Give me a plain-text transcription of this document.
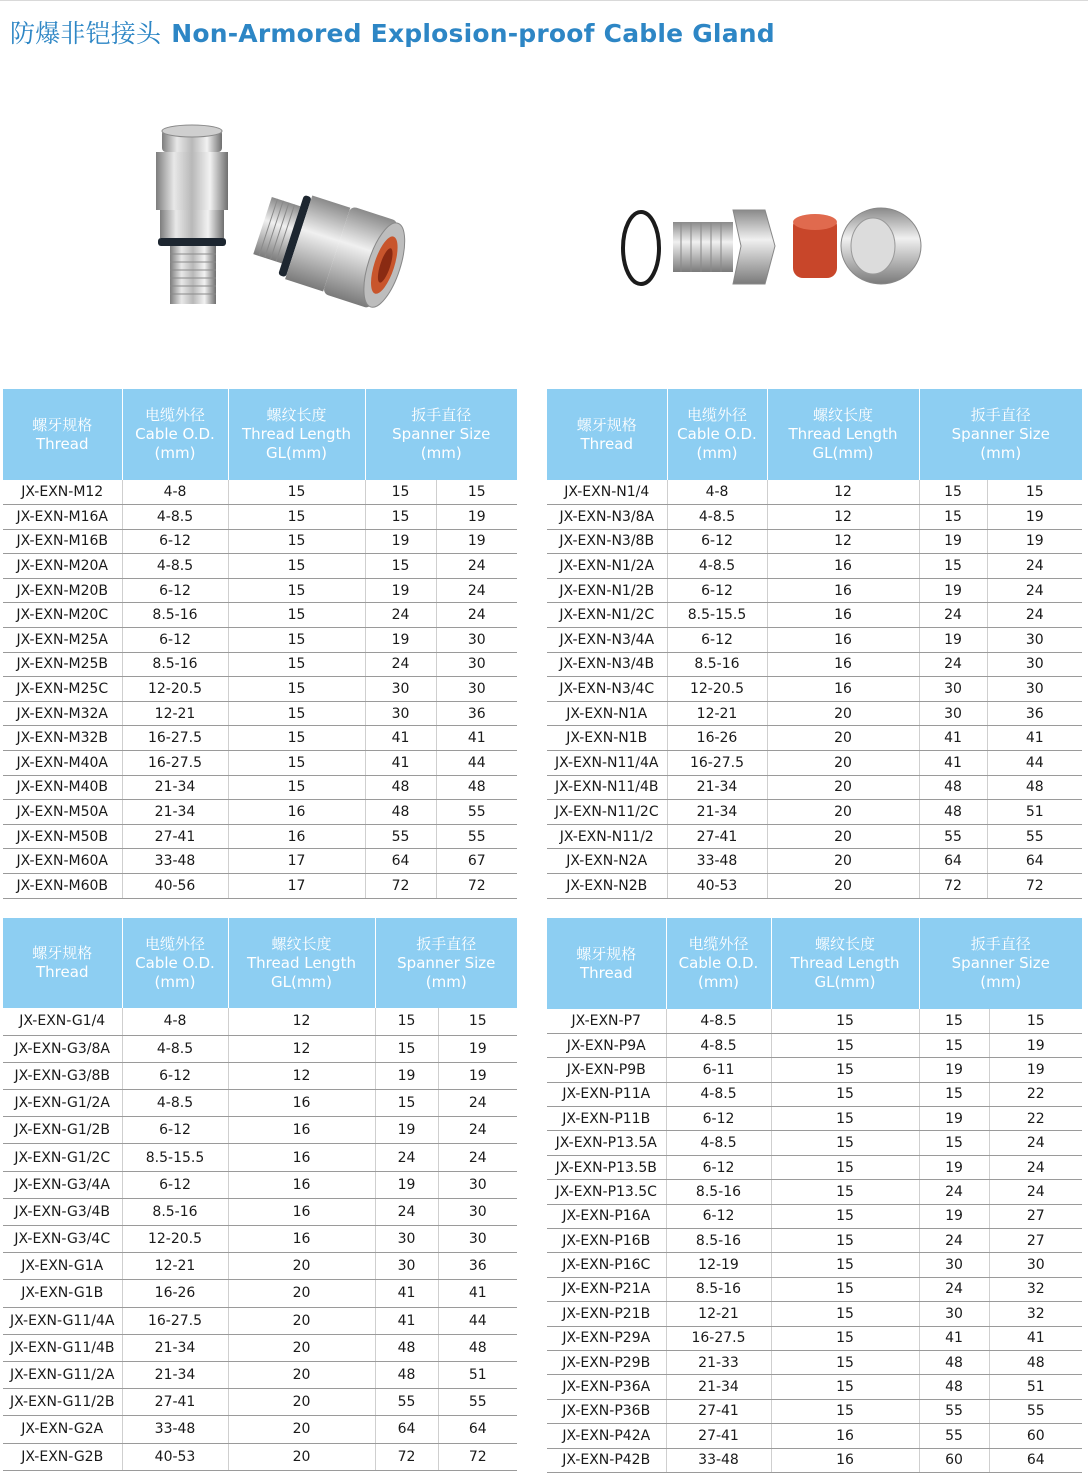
防爆非铠接头 Non-Armored Explosion-proof Cable Gland
螺牙规格
Thread	电缆外径
Cable O.D.
(mm)	螺纹长度
Thread Length
GL(mm)	扳手直径
Spanner Size
(mm)	

JX-EXN-M12	4-8	15	15	15
JX-EXN-M16A	4-8.5	15	15	19
JX-EXN-M16B	6-12	15	19	19
JX-EXN-M20A	4-8.5	15	15	24
JX-EXN-M20B	6-12	15	19	24
JX-EXN-M20C	8.5-16	15	24	24
JX-EXN-M25A	6-12	15	19	30
JX-EXN-M25B	8.5-16	15	24	30
JX-EXN-M25C	12-20.5	15	30	30
JX-EXN-M32A	12-21	15	30	36
JX-EXN-M32B	16-27.5	15	41	41
JX-EXN-M40A	16-27.5	15	41	44
JX-EXN-M40B	21-34	15	48	48
JX-EXN-M50A	21-34	16	48	55
JX-EXN-M50B	27-41	16	55	55
JX-EXN-M60A	33-48	17	64	67
JX-EXN-M60B	40-56	17	72	72
螺牙规格
Thread	电缆外径
Cable O.D.
(mm)	螺纹长度
Thread Length
GL(mm)	扳手直径
Spanner Size
(mm)	

JX-EXN-N1/4	4-8	12	15	15
JX-EXN-N3/8A	4-8.5	12	15	19
JX-EXN-N3/8B	6-12	12	19	19
JX-EXN-N1/2A	4-8.5	16	15	24
JX-EXN-N1/2B	6-12	16	19	24
JX-EXN-N1/2C	8.5-15.5	16	24	24
JX-EXN-N3/4A	6-12	16	19	30
JX-EXN-N3/4B	8.5-16	16	24	30
JX-EXN-N3/4C	12-20.5	16	30	30
JX-EXN-N1A	12-21	20	30	36
JX-EXN-N1B	16-26	20	41	41
JX-EXN-N11/4A	16-27.5	20	41	44
JX-EXN-N11/4B	21-34	20	48	48
JX-EXN-N11/2C	21-34	20	48	51
JX-EXN-N11/2	27-41	20	55	55
JX-EXN-N2A	33-48	20	64	64
JX-EXN-N2B	40-53	20	72	72
螺牙规格
Thread	电缆外径
Cable O.D.
(mm)	螺纹长度
Thread Length
GL(mm)	扳手直径
Spanner Size
(mm)	

JX-EXN-G1/4	4-8	12	15	15
JX-EXN-G3/8A	4-8.5	12	15	19
JX-EXN-G3/8B	6-12	12	19	19
JX-EXN-G1/2A	4-8.5	16	15	24
JX-EXN-G1/2B	6-12	16	19	24
JX-EXN-G1/2C	8.5-15.5	16	24	24
JX-EXN-G3/4A	6-12	16	19	30
JX-EXN-G3/4B	8.5-16	16	24	30
JX-EXN-G3/4C	12-20.5	16	30	30
JX-EXN-G1A	12-21	20	30	36
JX-EXN-G1B	16-26	20	41	41
JX-EXN-G11/4A	16-27.5	20	41	44
JX-EXN-G11/4B	21-34	20	48	48
JX-EXN-G11/2A	21-34	20	48	51
JX-EXN-G11/2B	27-41	20	55	55
JX-EXN-G2A	33-48	20	64	64
JX-EXN-G2B	40-53	20	72	72
螺牙规格
Thread	电缆外径
Cable O.D.
(mm)	螺纹长度
Thread Length
GL(mm)	扳手直径
Spanner Size
(mm)	

JX-EXN-P7	4-8.5	15	15	15
JX-EXN-P9A	4-8.5	15	15	19
JX-EXN-P9B	6-11	15	19	19
JX-EXN-P11A	4-8.5	15	15	22
JX-EXN-P11B	6-12	15	19	22
JX-EXN-P13.5A	4-8.5	15	15	24
JX-EXN-P13.5B	6-12	15	19	24
JX-EXN-P13.5C	8.5-16	15	24	24
JX-EXN-P16A	6-12	15	19	27
JX-EXN-P16B	8.5-16	15	24	27
JX-EXN-P16C	12-19	15	30	30
JX-EXN-P21A	8.5-16	15	24	32
JX-EXN-P21B	12-21	15	30	32
JX-EXN-P29A	16-27.5	15	41	41
JX-EXN-P29B	21-33	15	48	48
JX-EXN-P36A	21-34	15	48	51
JX-EXN-P36B	27-41	15	55	55
JX-EXN-P42A	27-41	16	55	60
JX-EXN-P42B	33-48	16	60	64
